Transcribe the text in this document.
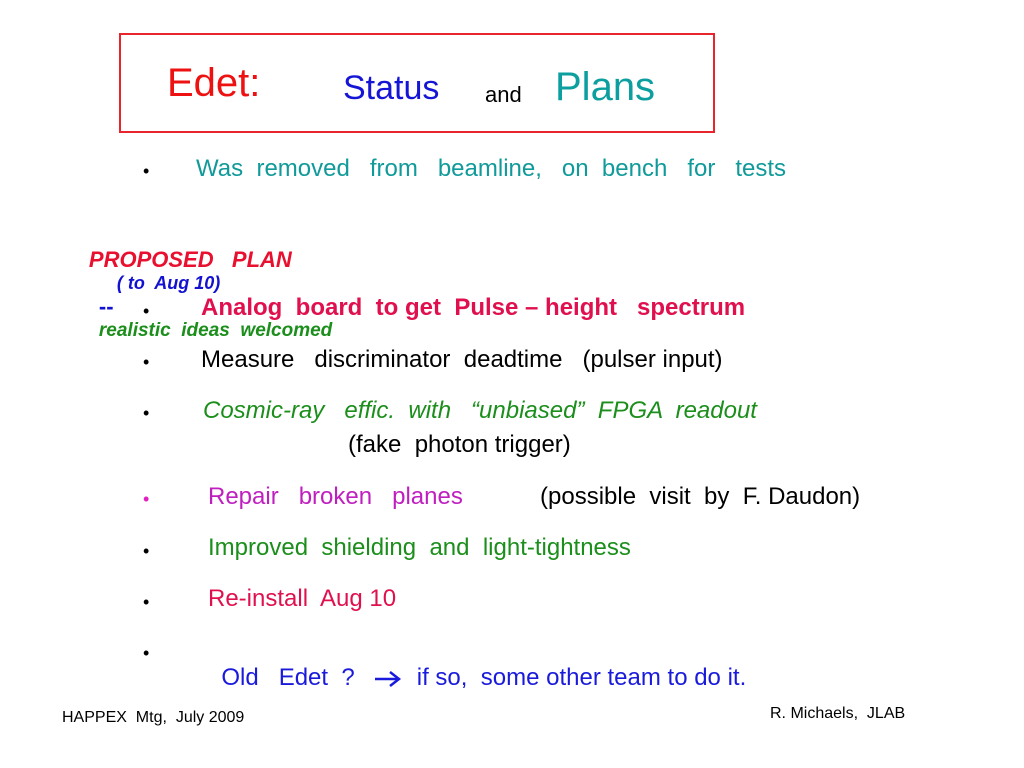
Edet: Status and Plans
• Was  removed   from   beamline,   on  bench   for   tests

PROPOSED   PLAN
( to  Aug 10)
--
realistic  ideas  welcomed

• Analog  board  to get  Pulse – height   spectrum
• Measure   discriminator  deadtime   (pulser input)
• Cosmic-ray   effic.  with   “unbiased”  FPGA  readout
(fake  photon trigger)
• Repair   broken   planes	(possible  visit  by  F. Daudon)
• Improved  shielding  and  light-tightness
• Re-install  Aug 10
•

Old   Edet  ?	if so,  some other team to do it.

HAPPEX  Mtg,  July 2009	R. Michaels,  JLAB
